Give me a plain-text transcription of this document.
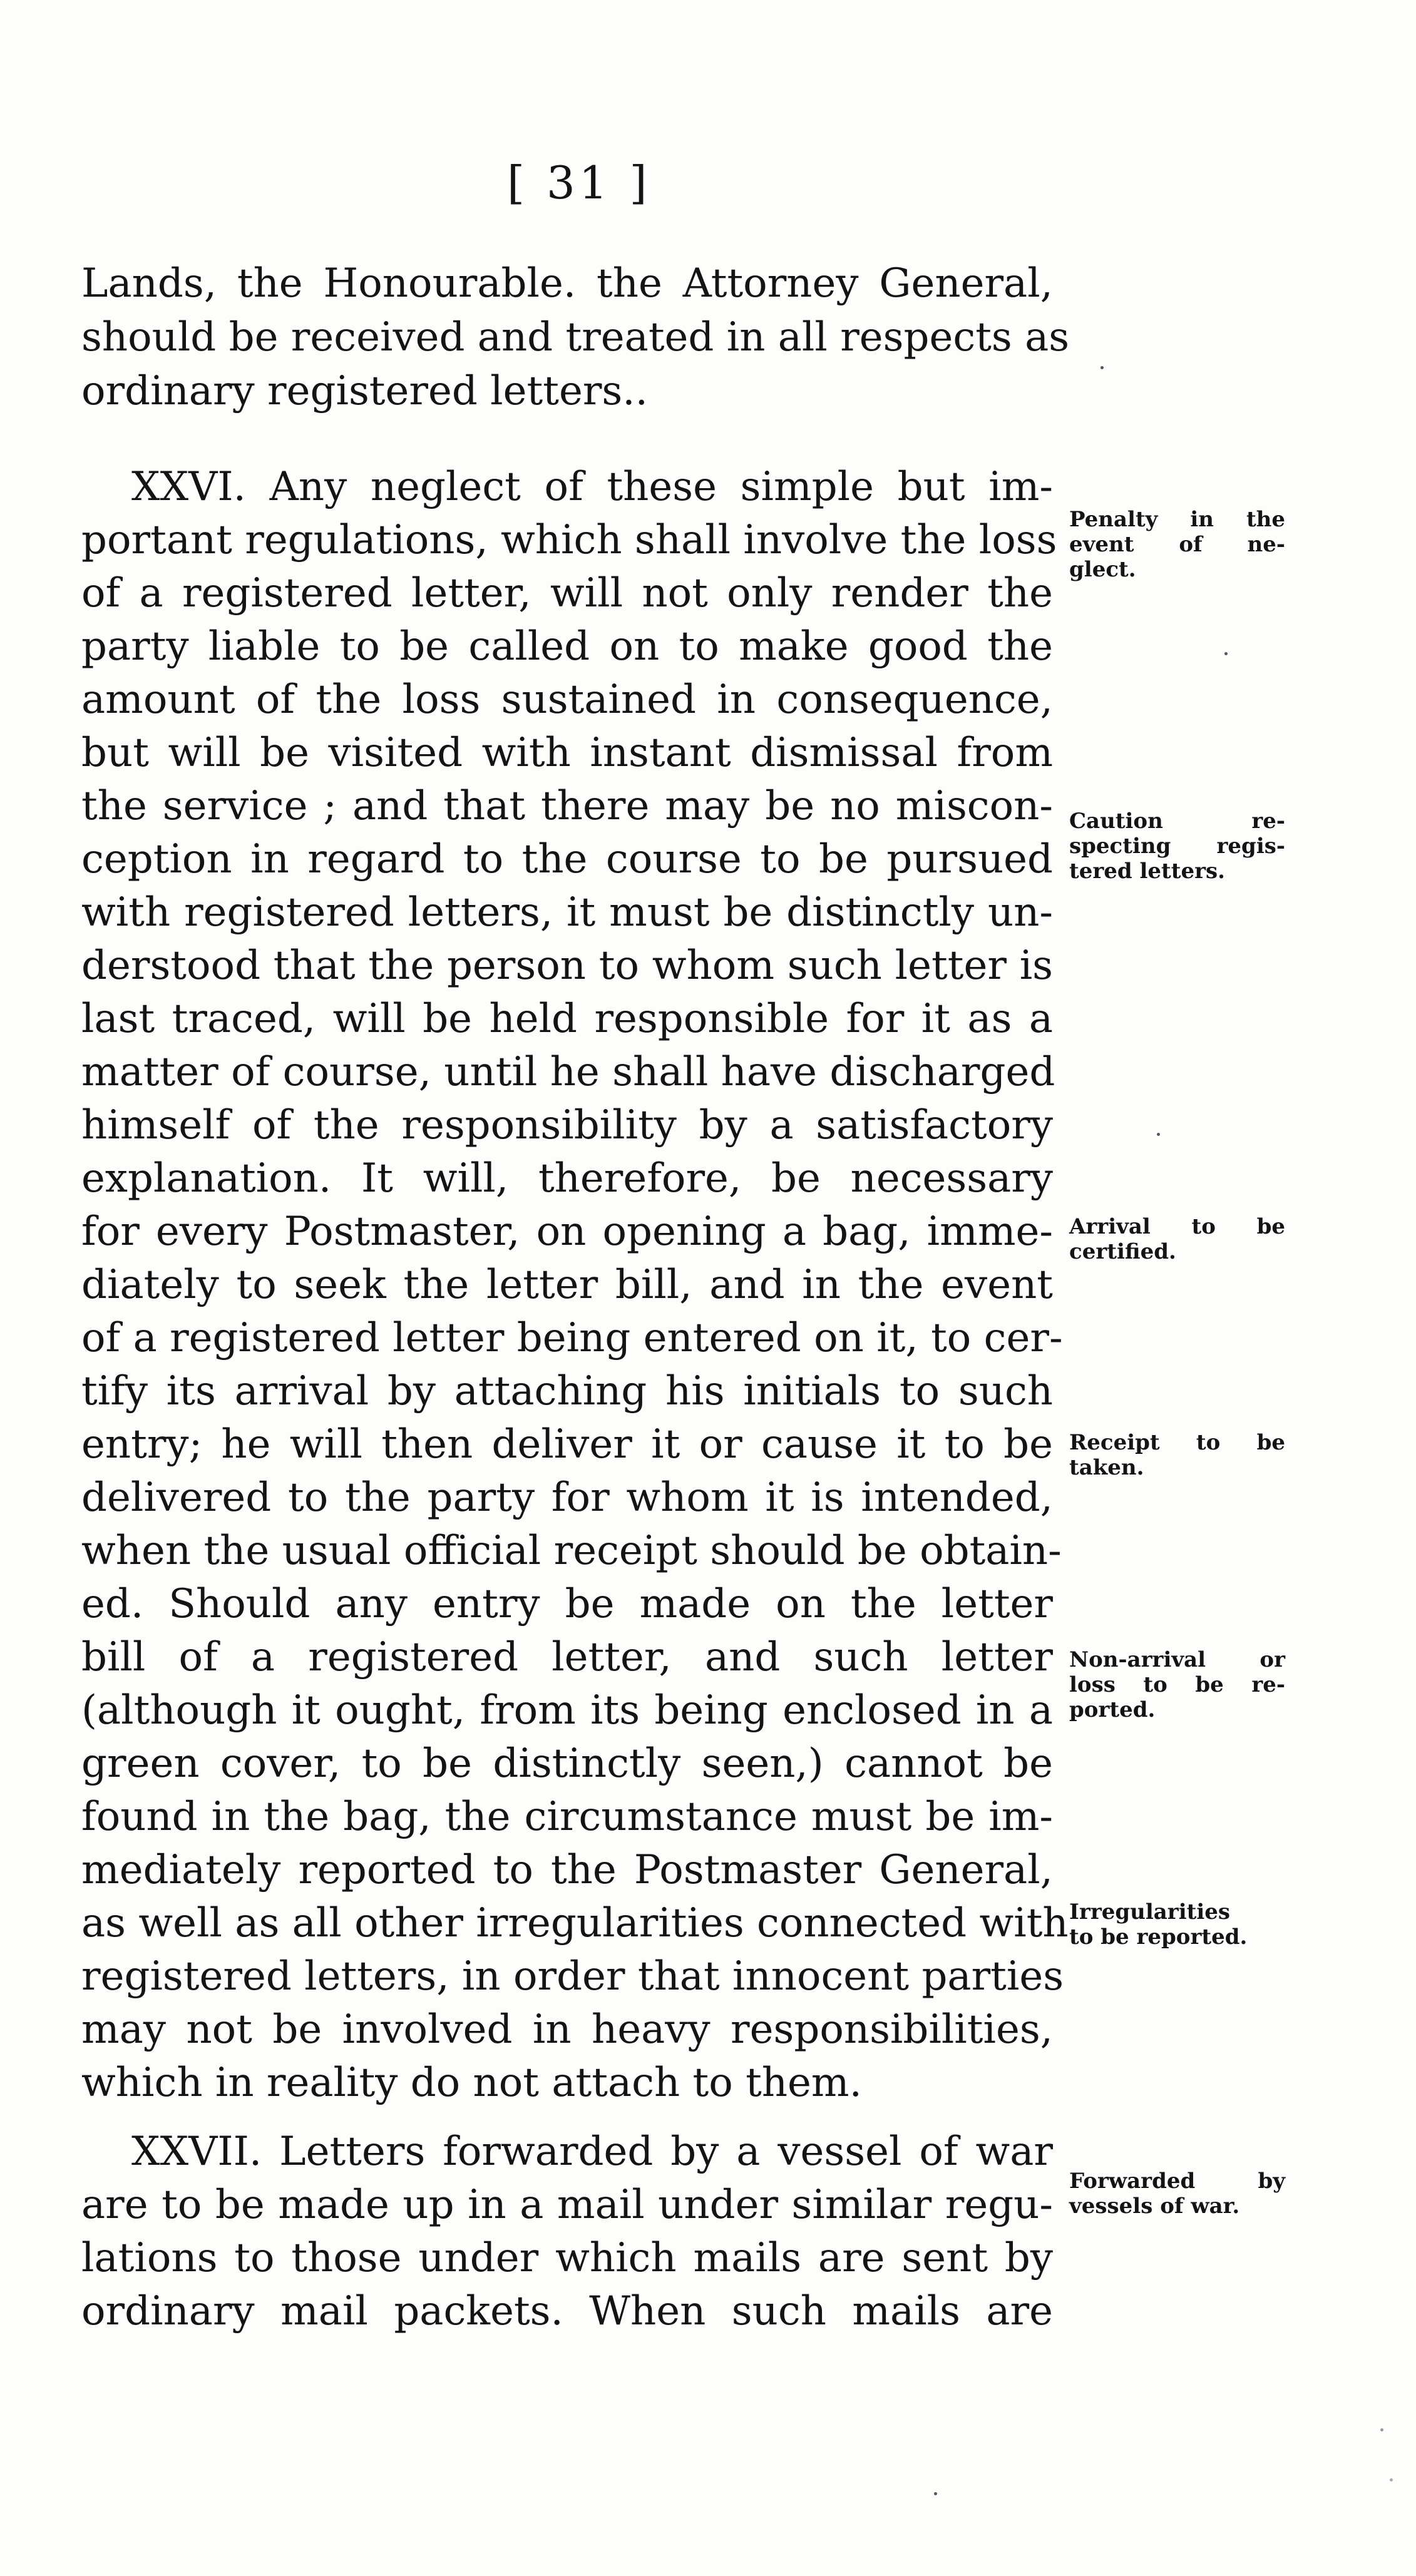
[ 31 ]
Lands, the Honourable. the Attorney General,
should be received and treated in all respects as
ordinary registered letters..
XXVI. Any neglect of these simple but im-
portant regulations, which shall involve the loss
of a registered letter, will not only render the
party liable to be called on to make good the
amount of the loss sustained in consequence,
but will be visited with instant dismissal from
the service ; and that there may be no miscon-
ception in regard to the course to be pursued
with registered letters, it must be distinctly un-
derstood that the person to whom such letter is
last traced, will be held responsible for it as a
matter of course, until he shall have discharged
himself of the responsibility by a satisfactory
explanation. It will, therefore, be necessary
for every Postmaster, on opening a bag, imme-
diately to seek the letter bill, and in the event
of a registered letter being entered on it, to cer-
tify its arrival by attaching his initials to such
entry; he will then deliver it or cause it to be
delivered to the party for whom it is intended,
when the usual official receipt should be obtain-
ed. Should any entry be made on the letter
bill of a registered letter, and such letter
(although it ought, from its being enclosed in a
green cover, to be distinctly seen,) cannot be
found in the bag, the circumstance must be im-
mediately reported to the Postmaster General,
as well as all other irregularities connected with
registered letters, in order that innocent parties
may not be involved in heavy responsibilities,
which in reality do not attach to them.
XXVII. Letters forwarded by a vessel of war
are to be made up in a mail under similar regu-
lations to those under which mails are sent by
ordinary mail packets. When such mails are
Penalty in the
event of ne-
glect.
Caution re-
specting regis-
tered letters.
Arrival to be
certified.
Receipt to be
taken.
Non-arrival or
loss to be re-
ported.
Irregularities
to be reported.
Forwarded by
vessels of war.
